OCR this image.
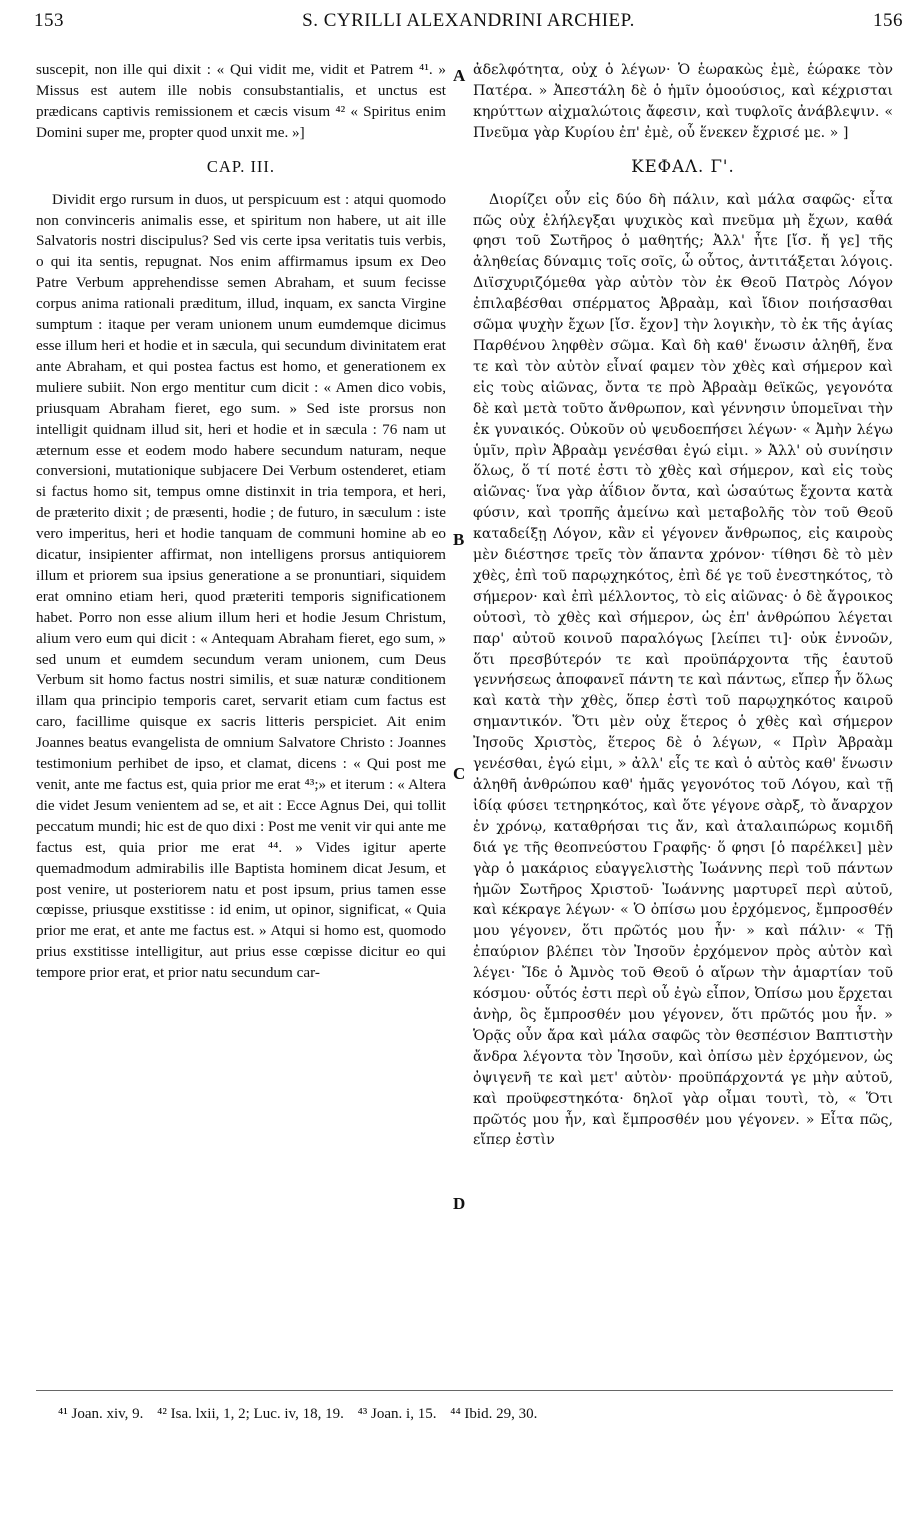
153	S. CYRILLI ALEXANDRINI ARCHIEP.	156

suscepit, non ille qui dixit : « Qui vidit me, vidit et Patrem ⁴¹. » Missus est autem ille nobis consubstantialis, et unctus est prædicans captivis remissionem et cæcis visum ⁴² « Spiritus enim Domini super me, propter quod unxit me. »]

CAP. III.

Dividit ergo rursum in duos, ut perspicuum est : atqui quomodo non convinceris animalis esse, et spiritum non habere, ut ait ille Salvatoris nostri discipulus? Sed vis certe ipsa veritatis tuis verbis, o qui ita sentis, repugnat. Nos enim affirmamus ipsum ex Deo Patre Verbum apprehendisse semen Abraham, et suum fecisse corpus anima rationali præditum, illud, inquam, ex sancta Virgine sumptum : itaque per veram unionem unum eumdemque dicimus esse illum heri et hodie et in sæcula, qui secundum divinitatem erat ante Abraham, et qui postea factus est homo, et generationem ex muliere subiit. Non ergo mentitur cum dicit : « Amen dico vobis, priusquam Abraham fieret, ego sum. » Sed iste prorsus non intelligit quidnam illud sit, heri et hodie et in sæcula : 76 nam ut æternum esse et eodem modo habere secundum naturam, neque conversioni, mutationique subjacere Dei Verbum ostenderet, etiam si factus homo sit, tempus omne distinxit in tria tempora, et heri, de præterito dixit ; de præsenti, hodie ; de futuro, in sæculum : iste vero imperitus, heri et hodie tanquam de communi homine ab eo dicatur, insipienter affirmat, non intelligens prorsus antiquiorem illum et priorem sua ipsius generatione a se pronuntiari, siquidem erat omnino etiam heri, quod præteriti temporis significationem habet. Porro non esse alium illum heri et hodie Jesum Christum, alium vero eum qui dicit : « Antequam Abraham fieret, ego sum, » sed unum et eumdem secundum veram unionem, cum Deus Verbum sit homo factus nostri similis, et suæ naturæ conditionem illam qua principio temporis caret, servarit etiam cum factus est caro, facillime quisque ex sacris litteris perspiciet. Ait enim Joannes beatus evangelista de omnium Salvatore Christo : Joannes testimonium perhibet de ipso, et clamat, dicens : « Qui post me venit, ante me factus est, quia prior me erat ⁴³;» et iterum : « Altera die videt Jesum venientem ad se, et ait : Ecce Agnus Dei, qui tollit peccatum mundi; hic est de quo dixi : Post me venit vir qui ante me factus est, quia prior me erat ⁴⁴. » Vides igitur aperte quemadmodum admirabilis ille Baptista hominem dicat Jesum, et post venire, ut posteriorem natu et post ipsum, prius tamen esse cœpisse, priusque exstitisse : id enim, ut opinor, significat, « Quia prior me erat, et ante me factus est. » Atqui si homo est, quomodo prius exstitisse intelligitur, aut prius esse cœpisse dicitur eo qui tempore prior erat, et prior natu secundum car-

ἀδελφότητα, οὐχ ὁ λέγων· Ὁ ἑωρακὼς ἐμὲ, ἑώρακε τὸν Πατέρα. » Ἀπεστάλη δὲ ὁ ἡμῖν ὁμοούσιος, καὶ κέχρισται κηρύττων αἰχμαλώτοις ἄφεσιν, καὶ τυφλοῖς ἀνάβλεψιν. « Πνεῦμα γὰρ Κυρίου ἐπ' ἐμὲ, οὗ ἕνεκεν ἔχρισέ με. » ]

ΚΕΦΑΛ. Γ'.

Διορίζει οὖν εἰς δύο δὴ πάλιν, καὶ μάλα σαφῶς· εἶτα πῶς οὐχ ἐλήλεγξαι ψυχικὸς καὶ πνεῦμα μὴ ἔχων, καθά φησι τοῦ Σωτῆρος ὁ μαθητής; Ἀλλ' ἦτε [ἴσ. ἤ γε] τῆς ἀληθείας δύναμις τοῖς σοῖς, ὦ οὗτος, ἀντιτάξεται λόγοις. Διϊσχυριζόμεθα γὰρ αὐτὸν τὸν ἐκ Θεοῦ Πατρὸς Λόγον ἐπιλαβέσθαι σπέρματος Ἀβραὰμ, καὶ ἴδιον ποιήσασθαι σῶμα ψυχὴν ἔχων [ἴσ. ἔχον] τὴν λογικὴν, τὸ ἐκ τῆς ἁγίας Παρθένου ληφθὲν σῶμα. Καὶ δὴ καθ' ἕνωσιν ἀληθῆ, ἕνα τε καὶ τὸν αὐτὸν εἶναί φαμεν τὸν χθὲς καὶ σήμερον καὶ εἰς τοὺς αἰῶνας, ὄντα τε πρὸ Ἀβραὰμ θεϊκῶς, γεγονότα δὲ καὶ μετὰ τοῦτο ἄνθρωπον, καὶ γέννησιν ὑπομεῖναι τὴν ἐκ γυναικός. Οὐκοῦν οὐ ψευδοεπήσει λέγων· « Ἀμὴν λέγω ὑμῖν, πρὶν Ἀβραὰμ γενέσθαι ἐγώ εἰμι. » Ἀλλ' οὐ συνίησιν ὅλως, ὅ τί ποτέ ἐστι τὸ χθὲς καὶ σήμερον, καὶ εἰς τοὺς αἰῶνας· ἵνα γὰρ ἀΐδιον ὄντα, καὶ ὡσαύτως ἔχοντα κατὰ φύσιν, καὶ τροπῆς ἀμείνω καὶ μεταβολῆς τὸν τοῦ Θεοῦ καταδείξῃ Λόγον, κἂν εἰ γέγονεν ἄνθρωπος, εἰς καιροὺς μὲν διέστησε τρεῖς τὸν ἅπαντα χρόνον· τίθησι δὲ τὸ μὲν χθὲς, ἐπὶ τοῦ παρῳχηκότος, ἐπὶ δέ γε τοῦ ἐνεστηκότος, τὸ σήμερον· καὶ ἐπὶ μέλλοντος, τὸ εἰς αἰῶνας· ὁ δὲ ἄγροικος οὑτοσὶ, τὸ χθὲς καὶ σήμερον, ὡς ἐπ' ἀνθρώπου λέγεται παρ' αὐτοῦ κοινοῦ παραλόγως [λείπει τι]· οὐκ ἐννοῶν, ὅτι πρεσβύτερόν τε καὶ προϋπάρχοντα τῆς ἑαυτοῦ γεννήσεως ἀποφανεῖ πάντη τε καὶ πάντως, εἴπερ ἦν ὅλως καὶ κατὰ τὴν χθὲς, ὅπερ ἐστὶ τοῦ παρῳχηκότος καιροῦ σημαντικόν. Ὅτι μὲν οὐχ ἕτερος ὁ χθὲς καὶ σήμερον Ἰησοῦς Χριστὸς, ἕτερος δὲ ὁ λέγων, « Πρὶν Ἀβραὰμ γενέσθαι, ἐγώ εἰμι, » ἀλλ' εἷς τε καὶ ὁ αὐτὸς καθ' ἕνωσιν ἀληθῆ ἀνθρώπου καθ' ἡμᾶς γεγονότος τοῦ Λόγου, καὶ τῇ ἰδίᾳ φύσει τετηρηκότος, καὶ ὅτε γέγονε σὰρξ, τὸ ἄναρχον ἐν χρόνῳ, καταθρήσαι τις ἄν, καὶ ἀταλαιπώρως κομιδῆ διά γε τῆς θεοπνεύστου Γραφῆς· ὅ φησι [ὁ παρέλκει] μὲν γὰρ ὁ μακάριος εὐαγγελιστὴς Ἰωάννης περὶ τοῦ πάντων ἡμῶν Σωτῆρος Χριστοῦ· Ἰωάννης μαρτυρεῖ περὶ αὐτοῦ, καὶ κέκραγε λέγων· « Ὁ ὀπίσω μου ἐρχόμενος, ἔμπροσθέν μου γέγονεν, ὅτι πρῶτός μου ἦν· » καὶ πάλιν· « Τῇ ἐπαύριον βλέπει τὸν Ἰησοῦν ἐρχόμενον πρὸς αὐτὸν καὶ λέγει· Ἴδε ὁ Ἀμνὸς τοῦ Θεοῦ ὁ αἴρων τὴν ἁμαρτίαν τοῦ κόσμου· οὗτός ἐστι περὶ οὗ ἐγὼ εἶπον, Ὀπίσω μου ἔρχεται ἀνὴρ, ὃς ἔμπροσθέν μου γέγονεν, ὅτι πρῶτός μου ἦν. » Ὁρᾷς οὖν ἄρα καὶ μάλα σαφῶς τὸν θεσπέσιον Βαπτιστὴν ἄνδρα λέγοντα τὸν Ἰησοῦν, καὶ ὀπίσω μὲν ἐρχόμενον, ὡς ὀψιγενῆ τε καὶ μετ' αὐτὸν· προϋπάρχοντά γε μὴν αὐτοῦ, καὶ προϋφεστηκότα· δηλοῖ γὰρ οἶμαι τουτὶ, τὸ, « Ὅτι πρῶτός μου ἦν, καὶ ἔμπροσθέν μου γέγονεν. » Εἶτα πῶς, εἴπερ ἐστὶν

A
B
C
D
⁴¹ Joan. xiv, 9. ⁴² Isa. lxii, 1, 2; Luc. iv, 18, 19. ⁴³ Joan. i, 15. ⁴⁴ Ibid. 29, 30.
